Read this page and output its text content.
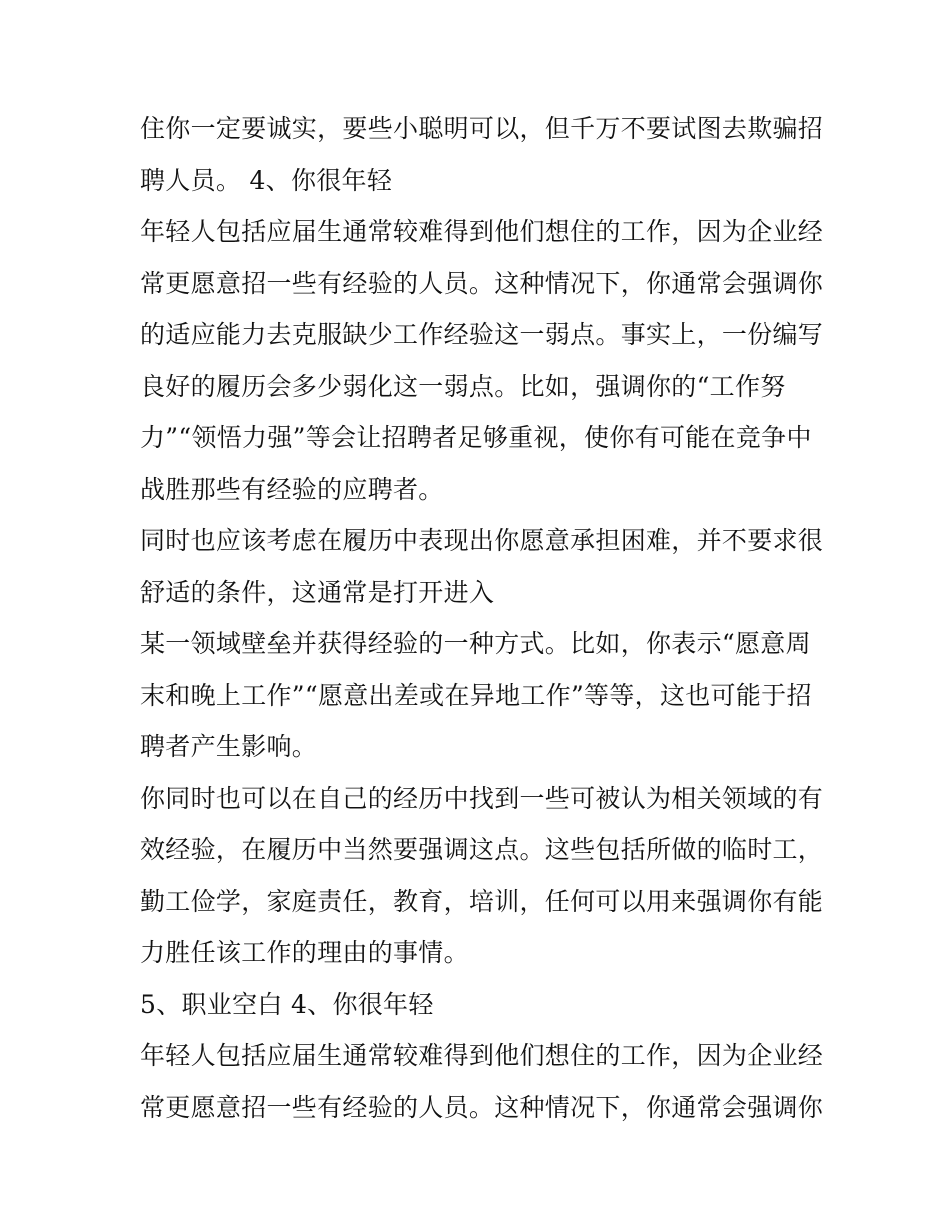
住你一定要诚实，要些小聪明可以，但千万不要试图去欺骗招
聘人员。 4、你很年轻
年轻人包括应届生通常较难得到他们想住的工作，因为企业经
常更愿意招一些有经验的人员。这种情况下，你通常会强调你
的适应能力去克服缺少工作经验这一弱点。事实上，一份编写
良好的履历会多少弱化这一弱点。比如，强调你的“工作努
力”“领悟力强”等会让招聘者足够重视，使你有可能在竞争中
战胜那些有经验的应聘者。
同时也应该考虑在履历中表现出你愿意承担困难，并不要求很
舒适的条件，这通常是打开进入
某一领域壁垒并获得经验的一种方式。比如，你表示“愿意周
末和晚上工作”“愿意出差或在异地工作”等等，这也可能于招
聘者产生影响。
你同时也可以在自己的经历中找到一些可被认为相关领域的有
效经验，在履历中当然要强调这点。这些包括所做的临时工，
勤工俭学，家庭责任，教育，培训，任何可以用来强调你有能
力胜任该工作的理由的事情。
5、职业空白 4、你很年轻
年轻人包括应届生通常较难得到他们想住的工作，因为企业经
常更愿意招一些有经验的人员。这种情况下，你通常会强调你
